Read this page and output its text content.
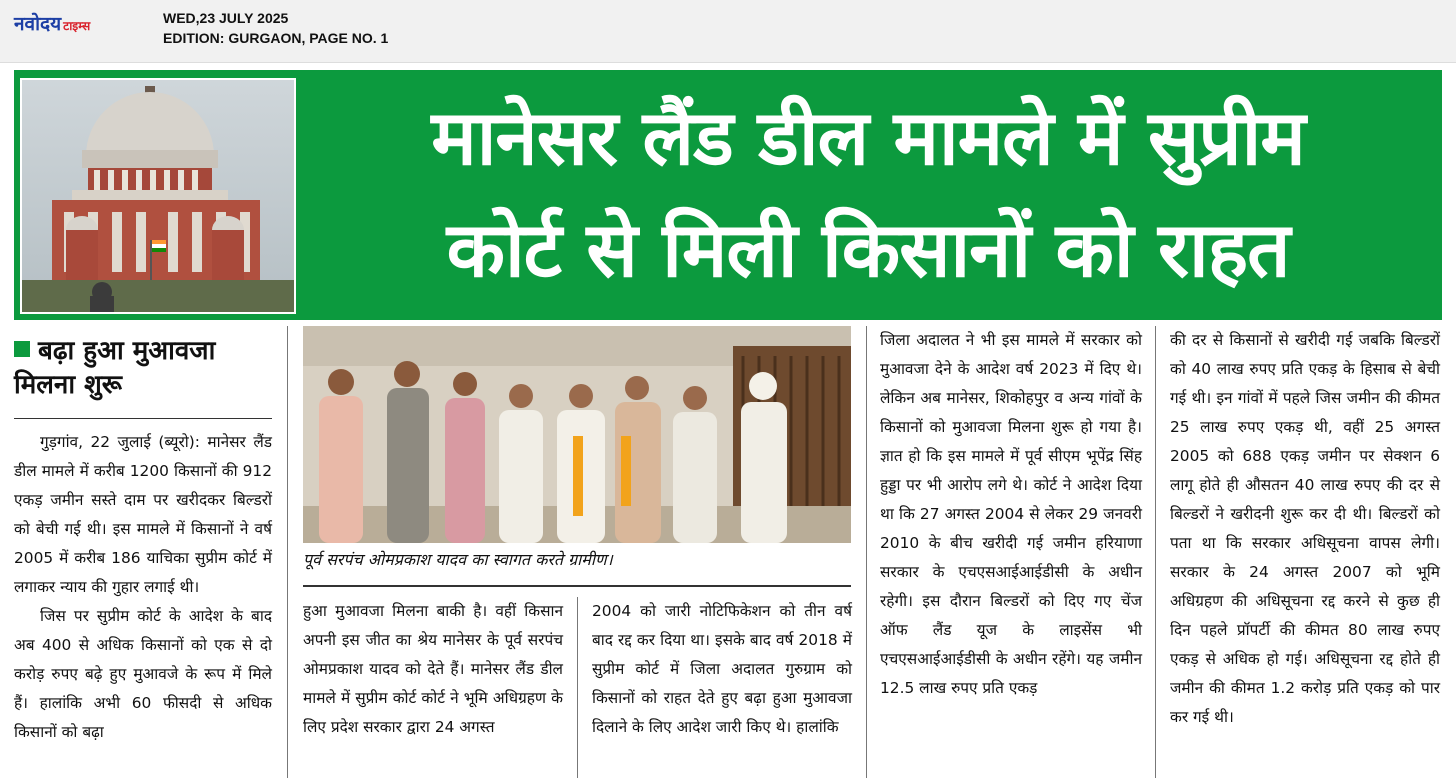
नवोदय टाइम्स	WED,23 JULY 2025
EDITION: GURGAON, PAGE NO. 1
मानेसर लैंड डील मामले में सुप्रीम
कोर्ट से मिली किसानों को राहत
बढ़ा हुआ मुआवजा
मिलना शुरू

गुड़गांव, 22 जुलाई (ब्यूरो): मानेसर लैंड डील मामले में करीब 1200 किसानों की 912 एकड़ जमीन सस्ते दाम पर खरीदकर बिल्डरों को बेची गई थी। इस मामले में किसानों ने वर्ष 2005 में करीब 186 याचिका सुप्रीम कोर्ट में लगाकर न्याय की गुहार लगाई थी।

जिस पर सुप्रीम कोर्ट के आदेश के बाद अब 400 से अधिक किसानों को एक से दो करोड़ रुपए बढ़े हुए मुआवजे के रूप में मिले हैं। हालांकि अभी 60 फीसदी से अधिक किसानों को बढ़ा

पूर्व सरपंच ओमप्रकाश यादव का स्वागत करते ग्रामीण।

हुआ मुआवजा मिलना बाकी है। वहीं किसान अपनी इस जीत का श्रेय मानेसर के पूर्व सरपंच ओमप्रकाश यादव को देते हैं। मानेसर लैंड डील मामले में सुप्रीम कोर्ट कोर्ट ने भूमि अधिग्रहण के लिए प्रदेश सरकार द्वारा 24 अगस्त

2004 को जारी नोटिफिकेशन को तीन वर्ष बाद रद्द कर दिया था। इसके बाद वर्ष 2018 में सुप्रीम कोर्ट में जिला अदालत गुरुग्राम को किसानों को राहत देते हुए बढ़ा हुआ मुआवजा दिलाने के लिए आदेश जारी किए थे। हालांकि

जिला अदालत ने भी इस मामले में सरकार को मुआवजा देने के आदेश वर्ष 2023 में दिए थे। लेकिन अब मानेसर, शिकोहपुर व अन्य गांवों के किसानों को मुआवजा मिलना शुरू हो गया है। ज्ञात हो कि इस मामले में पूर्व सीएम भूपेंद्र सिंह हुड्डा पर भी आरोप लगे थे। कोर्ट ने आदेश दिया था कि 27 अगस्त 2004 से लेकर 29 जनवरी 2010 के बीच खरीदी गई जमीन हरियाणा सरकार के एचएसआईआईडीसी के अधीन रहेगी। इस दौरान बिल्डरों को दिए गए चेंज ऑफ लैंड यूज के लाइसेंस भी एचएसआईआईडीसी के अधीन रहेंगे। यह जमीन 12.5 लाख रुपए प्रति एकड़

की दर से किसानों से खरीदी गई जबकि बिल्डरों को 40 लाख रुपए प्रति एकड़ के हिसाब से बेची गई थी। इन गांवों में पहले जिस जमीन की कीमत 25 लाख रुपए एकड़ थी, वहीं 25 अगस्त 2005 को 688 एकड़ जमीन पर सेक्शन 6 लागू होते ही औसतन 40 लाख रुपए की दर से बिल्डरों ने खरीदनी शुरू कर दी थी। बिल्डरों को पता था कि सरकार अधिसूचना वापस लेगी। सरकार के 24 अगस्त 2007 को भूमि अधिग्रहण की अधिसूचना रद्द करने से कुछ ही दिन पहले प्रॉपर्टी की कीमत 80 लाख रुपए एकड़ से अधिक हो गई। अधिसूचना रद्द होते ही जमीन की कीमत 1.2 करोड़ प्रति एकड़ को पार कर गई थी।
